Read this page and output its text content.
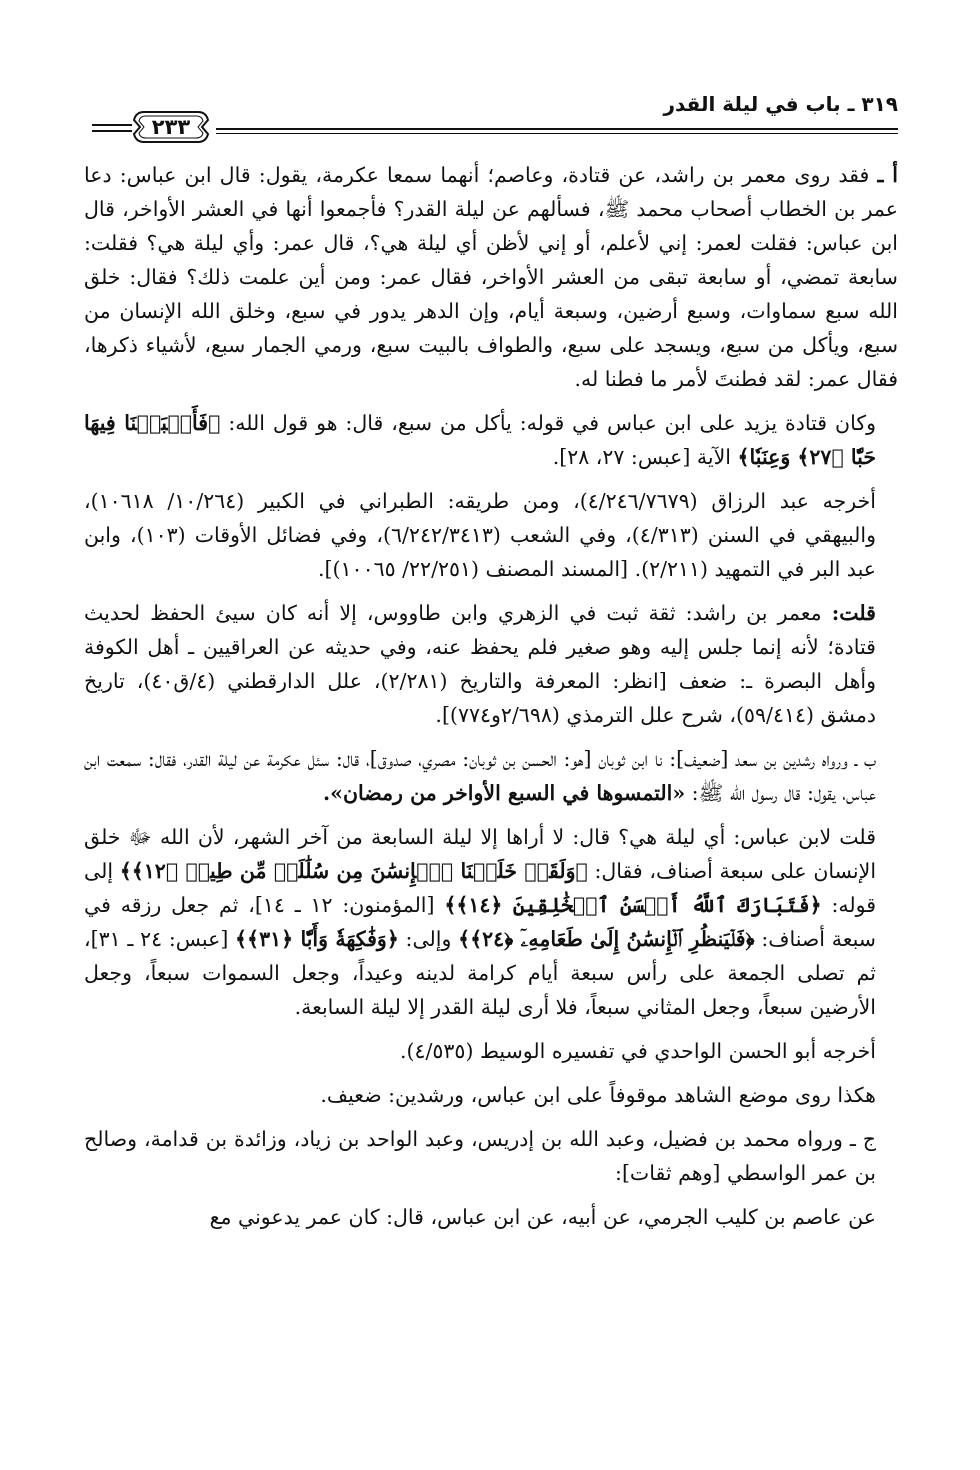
٣١٩ ـ باب في ليلة القدر
٢٣٣

أ ـ فقد روى معمر بن راشد، عن قتادة، وعاصم؛ أنهما سمعا عكرمة، يقول: قال ابن عباس: دعا عمر بن الخطاب أصحاب محمد ﷺ، فسألهم عن ليلة القدر؟ فأجمعوا أنها في العشر الأواخر، قال ابن عباس: فقلت لعمر: إني لأعلم، أو إني لأظن أي ليلة هي؟، قال عمر: وأي ليلة هي؟ فقلت: سابعة تمضي، أو سابعة تبقى من العشر الأواخر، فقال عمر: ومن أين علمت ذلك؟ فقال: خلق الله سبع سماوات، وسبع أرضين، وسبعة أيام، وإن الدهر يدور في سبع، وخلق الله الإنسان من سبع، ويأكل من سبع، ويسجد على سبع، والطواف بالبيت سبع، ورمي الجمار سبع، لأشياء ذكرها، فقال عمر: لقد فطنتَ لأمر ما فطنا له.

وكان قتادة يزيد على ابن عباس في قوله: يأكل من سبع، قال: هو قول الله: ﴿فَأَنۢبَتۡنَا فِيهَا حَبّٗا ﴿٢٧﴾ وَعِنَبٗا﴾ الآية [عبس: ٢٧، ٢٨].

أخرجه عبد الرزاق (٤/٢٤٦/٧٦٧٩)، ومن طريقه: الطبراني في الكبير (١٠/٢٦٤/ ١٠٦١٨)، والبيهقي في السنن (٤/٣١٣)، وفي الشعب (٦/٢٤٢/٣٤١٣)، وفي فضائل الأوقات (١٠٣)، وابن عبد البر في التمهيد (٢/٢١١). [المسند المصنف (٢٢/٢٥١/ ١٠٠٦٥)].

قلت: معمر بن راشد: ثقة ثبت في الزهري وابن طاووس، إلا أنه كان سيئ الحفظ لحديث قتادة؛ لأنه إنما جلس إليه وهو صغير فلم يحفظ عنه، وفي حديثه عن العراقيين ـ أهل الكوفة وأهل البصرة ـ: ضعف [انظر: المعرفة والتاريخ (٢/٢٨١)، علل الدارقطني (٤/ق٤٠)، تاريخ دمشق (٥٩/٤١٤)، شرح علل الترمذي (٢/٦٩٨و٧٧٤)].

ب ـ ورواه رشدين بن سعد [ضعيف]: نا ابن ثوبان [هو: الحسن بن ثوبان: مصري، صدوق]، قال: سئل عكرمة عن ليلة القدر، فقال: سمعت ابن عباس، يقول: قال رسول الله ﷺ: «التمسوها في السبع الأواخر من رمضان».

قلت لابن عباس: أي ليلة هي؟ قال: لا أراها إلا ليلة السابعة من آخر الشهر، لأن الله ﷻ خلق الإنسان على سبعة أصناف، فقال: ﴿وَلَقَدۡ خَلَقۡنَا ٱلۡإِنسَٰنَ مِن سُلَٰلَةٖ مِّن طِينٖ ﴿١٢﴾﴾ إلى قوله: ﴿فَتَبَارَكَ ٱللَّهُ أَحۡسَنُ ٱلۡخَٰلِقِينَ ﴿١٤﴾﴾ [المؤمنون: ١٢ ـ ١٤]، ثم جعل رزقه في سبعة أصناف: ﴿فَلۡيَنظُرِ ٱلۡإِنسَٰنُ إِلَىٰ طَعَامِهِۦٓ ﴿٢٤﴾﴾ وإلى: ﴿وَفَٰكِهَةٗ وَأَبّٗا ﴿٣١﴾﴾ [عبس: ٢٤ ـ ٣١]، ثم تصلى الجمعة على رأس سبعة أيام كرامة لدينه وعيداً، وجعل السموات سبعاً، وجعل الأرضين سبعاً، وجعل المثاني سبعاً، فلا أرى ليلة القدر إلا ليلة السابعة.

أخرجه أبو الحسن الواحدي في تفسيره الوسيط (٤/٥٣٥).

هكذا روى موضع الشاهد موقوفاً على ابن عباس، ورشدين: ضعيف.

ج ـ ورواه محمد بن فضيل، وعبد الله بن إدريس، وعبد الواحد بن زياد، وزائدة بن قدامة، وصالح بن عمر الواسطي [وهم ثقات]:

عن عاصم بن كليب الجرمي، عن أبيه، عن ابن عباس، قال: كان عمر يدعوني مع
